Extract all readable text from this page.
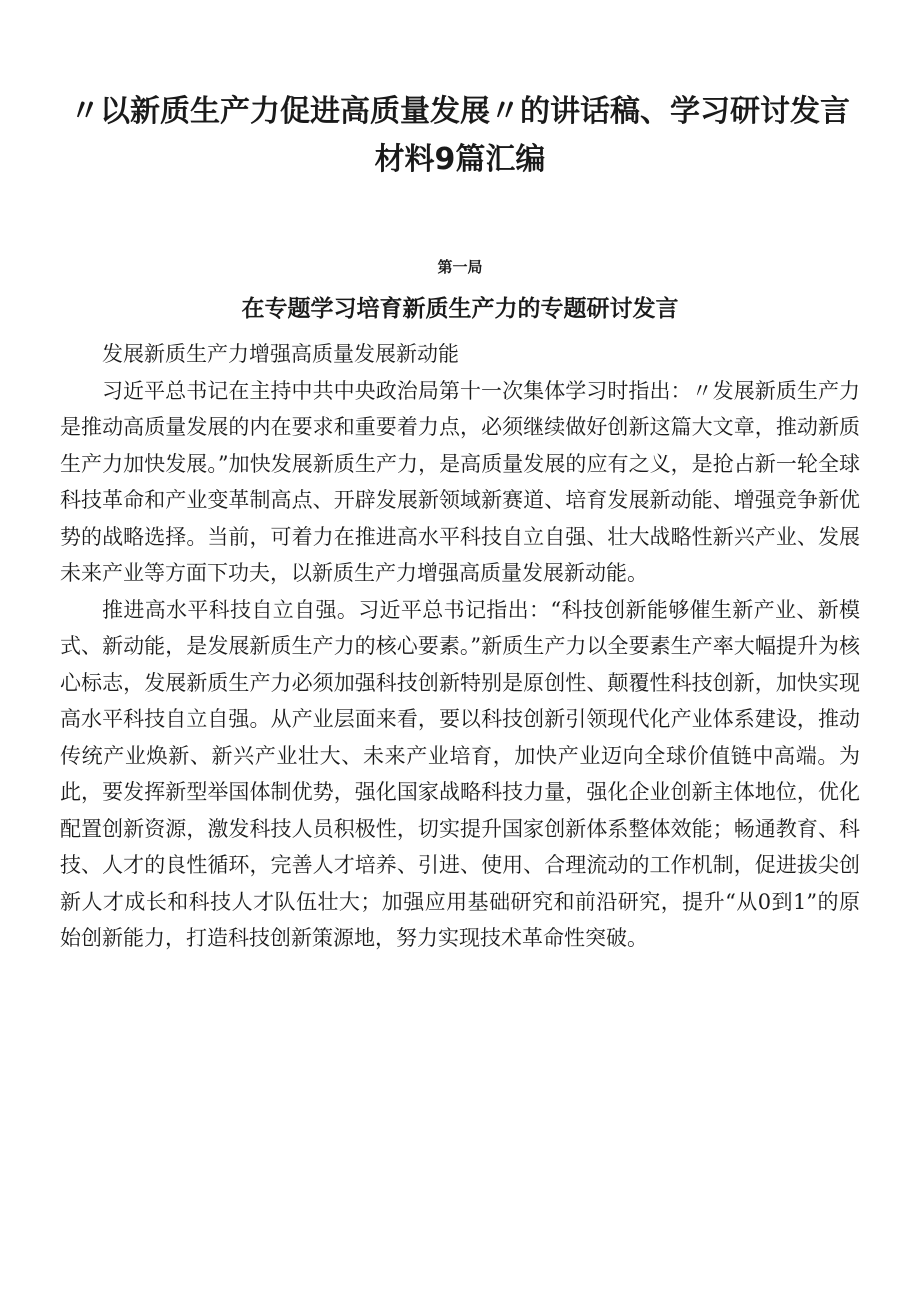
〃以新质生产力促进高质量发展〃的讲话稿、学习研讨发言材料9篇汇编
第一局
在专题学习培育新质生产力的专题研讨发言

发展新质生产力增强高质量发展新动能

习近平总书记在主持中共中央政治局第十一次集体学习时指出：〃发展新质生产力是推动高质量发展的内在要求和重要着力点，必须继续做好创新这篇大文章，推动新质生产力加快发展。”加快发展新质生产力，是高质量发展的应有之义，是抢占新一轮全球科技革命和产业变革制高点、开辟发展新领域新赛道、培育发展新动能、增强竞争新优势的战略选择。当前，可着力在推进高水平科技自立自强、壮大战略性新兴产业、发展未来产业等方面下功夫，以新质生产力增强高质量发展新动能。

推进高水平科技自立自强。习近平总书记指出：“科技创新能够催生新产业、新模式、新动能，是发展新质生产力的核心要素。”新质生产力以全要素生产率大幅提升为核心标志，发展新质生产力必须加强科技创新特别是原创性、颠覆性科技创新，加快实现高水平科技自立自强。从产业层面来看，要以科技创新引领现代化产业体系建设，推动传统产业焕新、新兴产业壮大、未来产业培育，加快产业迈向全球价值链中高端。为此，要发挥新型举国体制优势，强化国家战略科技力量，强化企业创新主体地位，优化配置创新资源，激发科技人员积极性，切实提升国家创新体系整体效能；畅通教育、科技、人才的良性循环，完善人才培养、引进、使用、合理流动的工作机制，促进拔尖创新人才成长和科技人才队伍壮大；加强应用基础研究和前沿研究，提升“从0到1”的原始创新能力，打造科技创新策源地，努力实现技术革命性突破。
